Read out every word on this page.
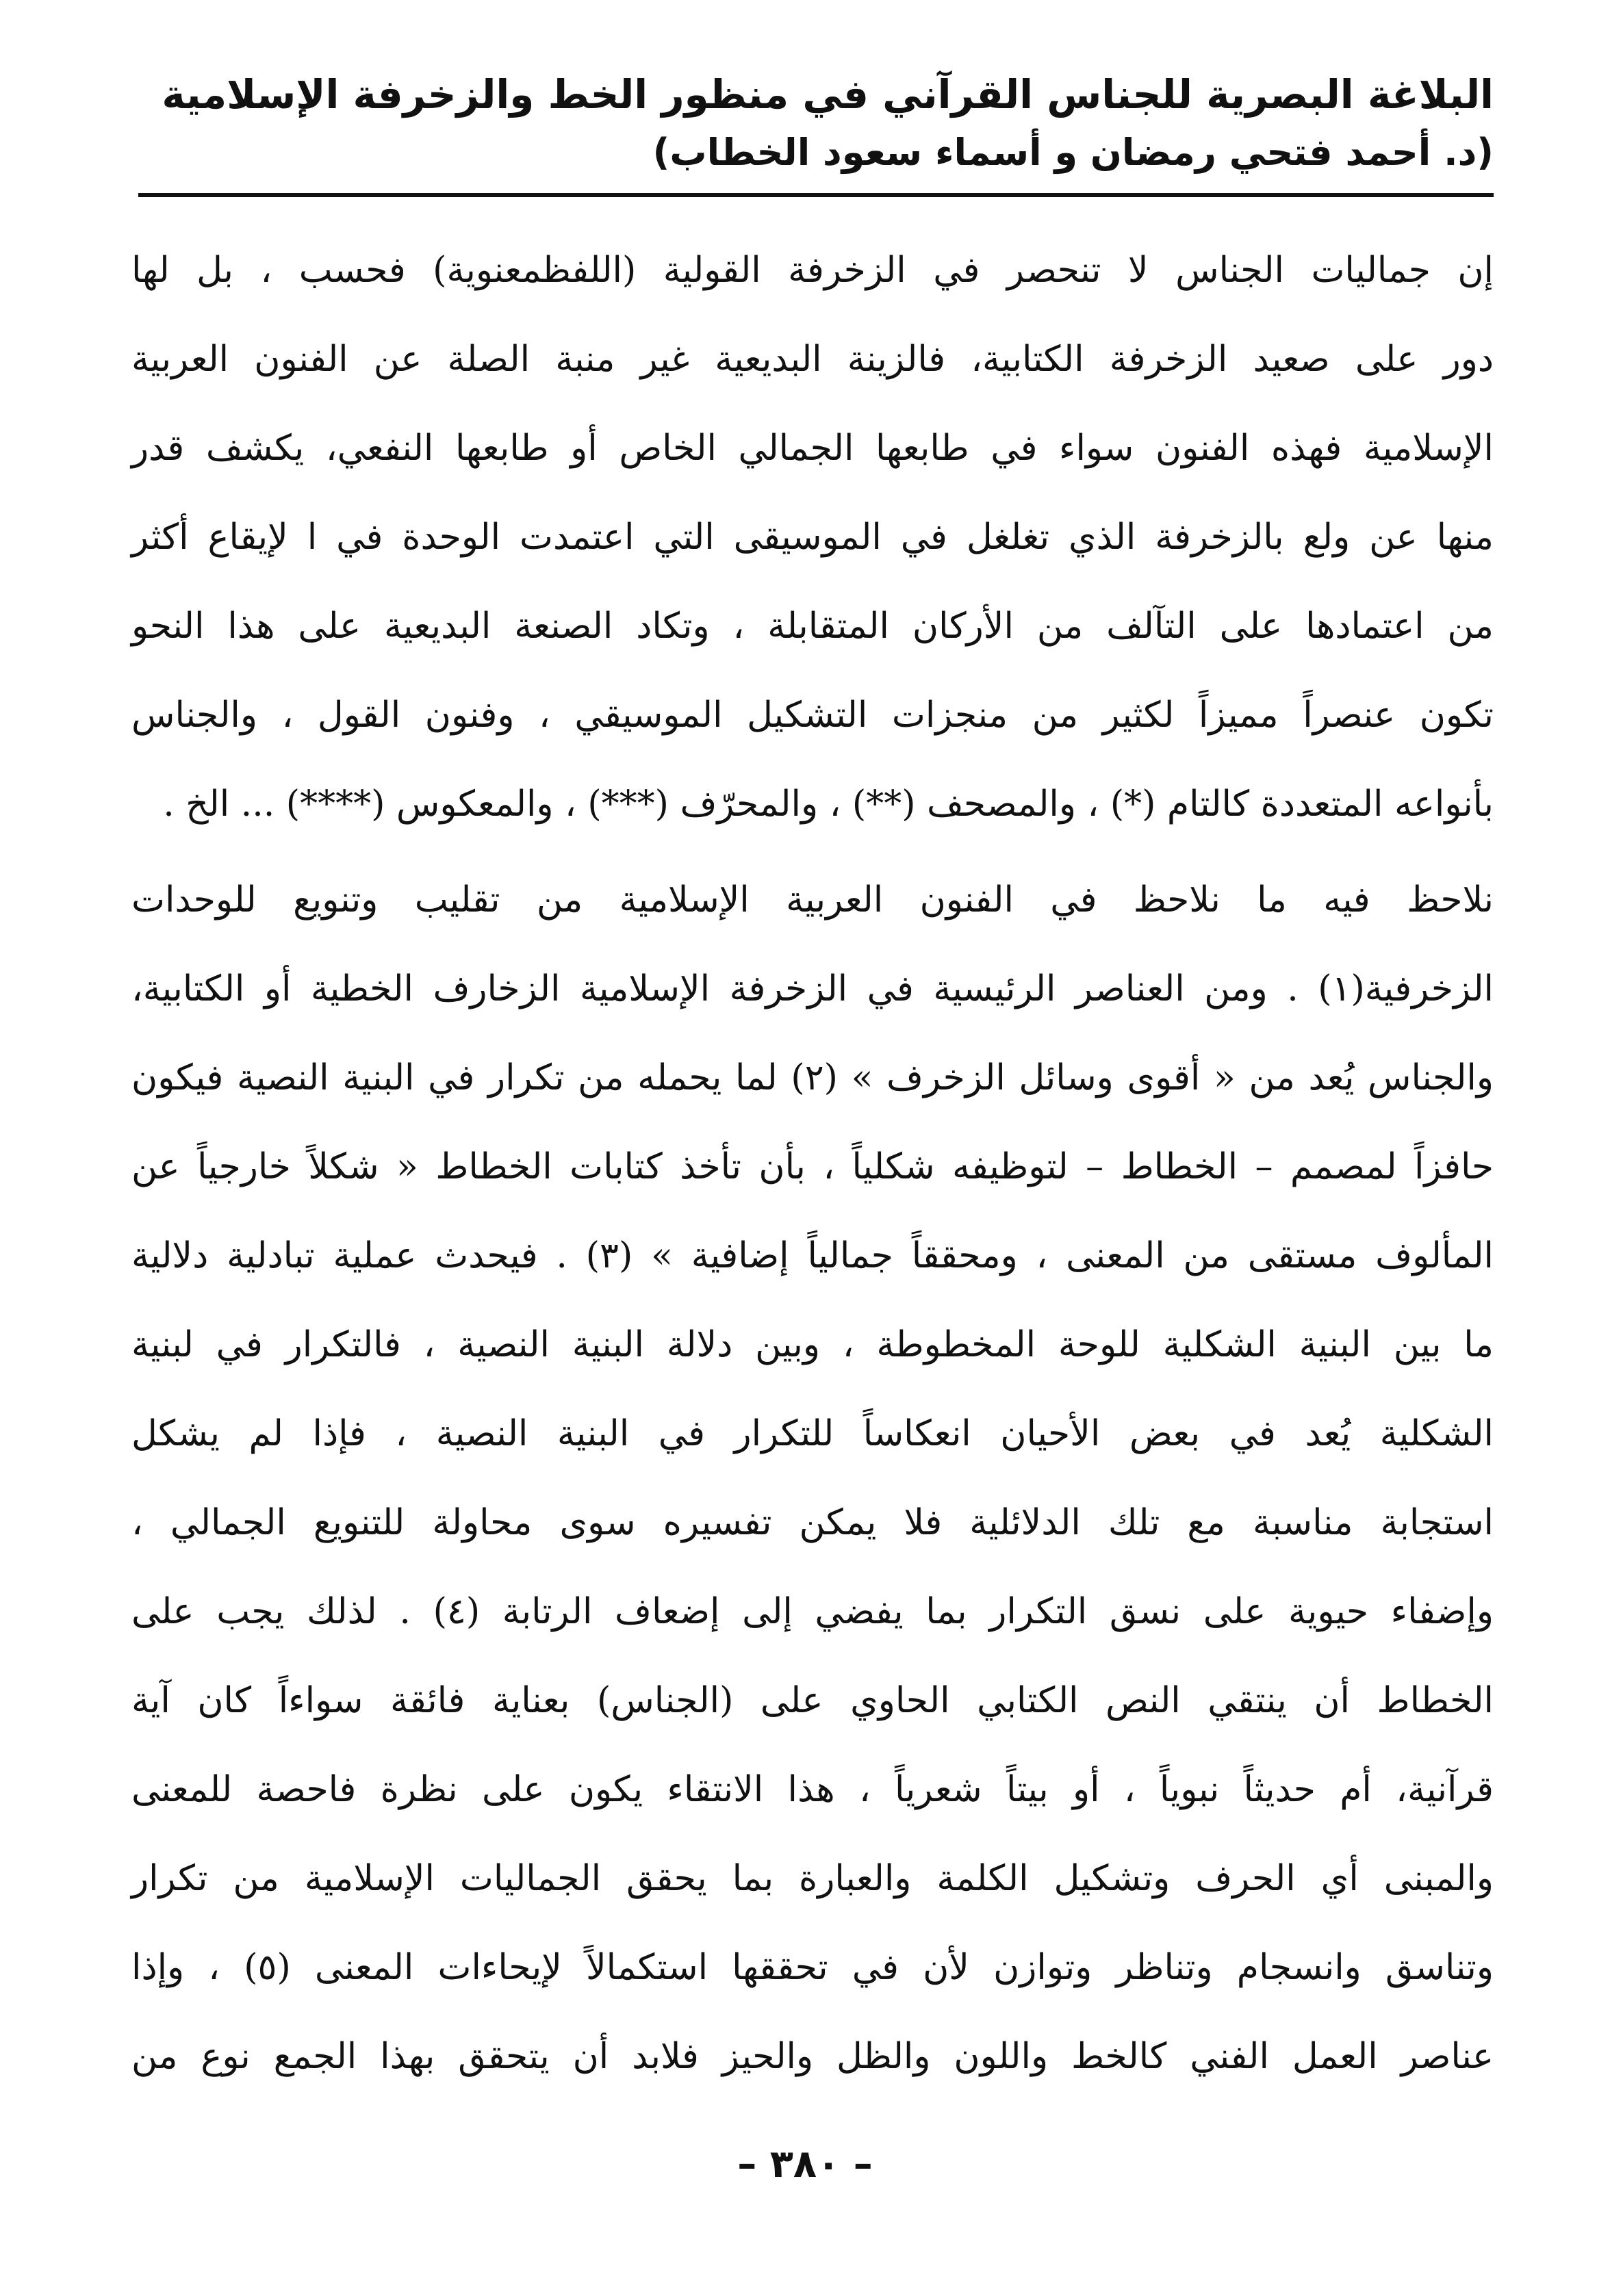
البلاغة البصرية للجناس القرآني في منظور الخط والزخرفة الإسلامية
(د. أحمد فتحي رمضان و أسماء سعود الخطاب)
إن جماليات الجناس لا تنحصر في الزخرفة القولية (اللفظمعنوية) فحسب ، بل لها
دور على صعيد الزخرفة الكتابية، فالزينة البديعية غير منبة الصلة عن الفنون العربية
الإسلامية فهذه الفنون سواء في طابعها الجمالي الخاص أو طابعها النفعي، يكشف قدر
منها عن ولع بالزخرفة الذي تغلغل في الموسيقى التي اعتمدت الوحدة في ا لإيقاع أكثر
من اعتمادها على التآلف من الأركان المتقابلة ، وتكاد الصنعة البديعية على هذا النحو
تكون عنصراً مميزاً لكثير من منجزات التشكيل الموسيقي ، وفنون القول ، والجناس
بأنواعه المتعددة كالتام (*) ، والمصحف (**) ، والمحرّف (***) ، والمعكوس (****) ... الخ .
نلاحظ فيه ما نلاحظ في الفنون العربية الإسلامية من تقليب وتنويع للوحدات
الزخرفية(١) . ومن العناصر الرئيسية في الزخرفة الإسلامية الزخارف الخطية أو الكتابية،
والجناس يُعد من « أقوى وسائل الزخرف » (٢) لما يحمله من تكرار في البنية النصية فيكون
حافزاً لمصمم – الخطاط – لتوظيفه شكلياً ، بأن تأخذ كتابات الخطاط « شكلاً خارجياً عن
المألوف مستقى من المعنى ، ومحققاً جمالياً إضافية » (٣) . فيحدث عملية تبادلية دلالية
ما بين البنية الشكلية للوحة المخطوطة ، وبين دلالة البنية النصية ، فالتكرار في لبنية
الشكلية يُعد في بعض الأحيان انعكاساً للتكرار في البنية النصية ، فإذا لم يشكل
استجابة مناسبة مع تلك الدلائلية فلا يمكن تفسيره سوى محاولة للتنويع الجمالي ،
وإضفاء حيوية على نسق التكرار بما يفضي إلى إضعاف الرتابة (٤) . لذلك يجب على
الخطاط أن ينتقي النص الكتابي الحاوي على (الجناس) بعناية فائقة سواءاً كان آية
قرآنية، أم حديثاً نبوياً ، أو بيتاً شعرياً ، هذا الانتقاء يكون على نظرة فاحصة للمعنى
والمبنى أي الحرف وتشكيل الكلمة والعبارة بما يحقق الجماليات الإسلامية من تكرار
وتناسق وانسجام وتناظر وتوازن لأن في تحققها استكمالاً لإيحاءات المعنى (٥) ، وإذا
عناصر العمل الفني كالخط واللون والظل والحيز فلابد أن يتحقق بهذا الجمع نوع من
– ٣٨٠ –
